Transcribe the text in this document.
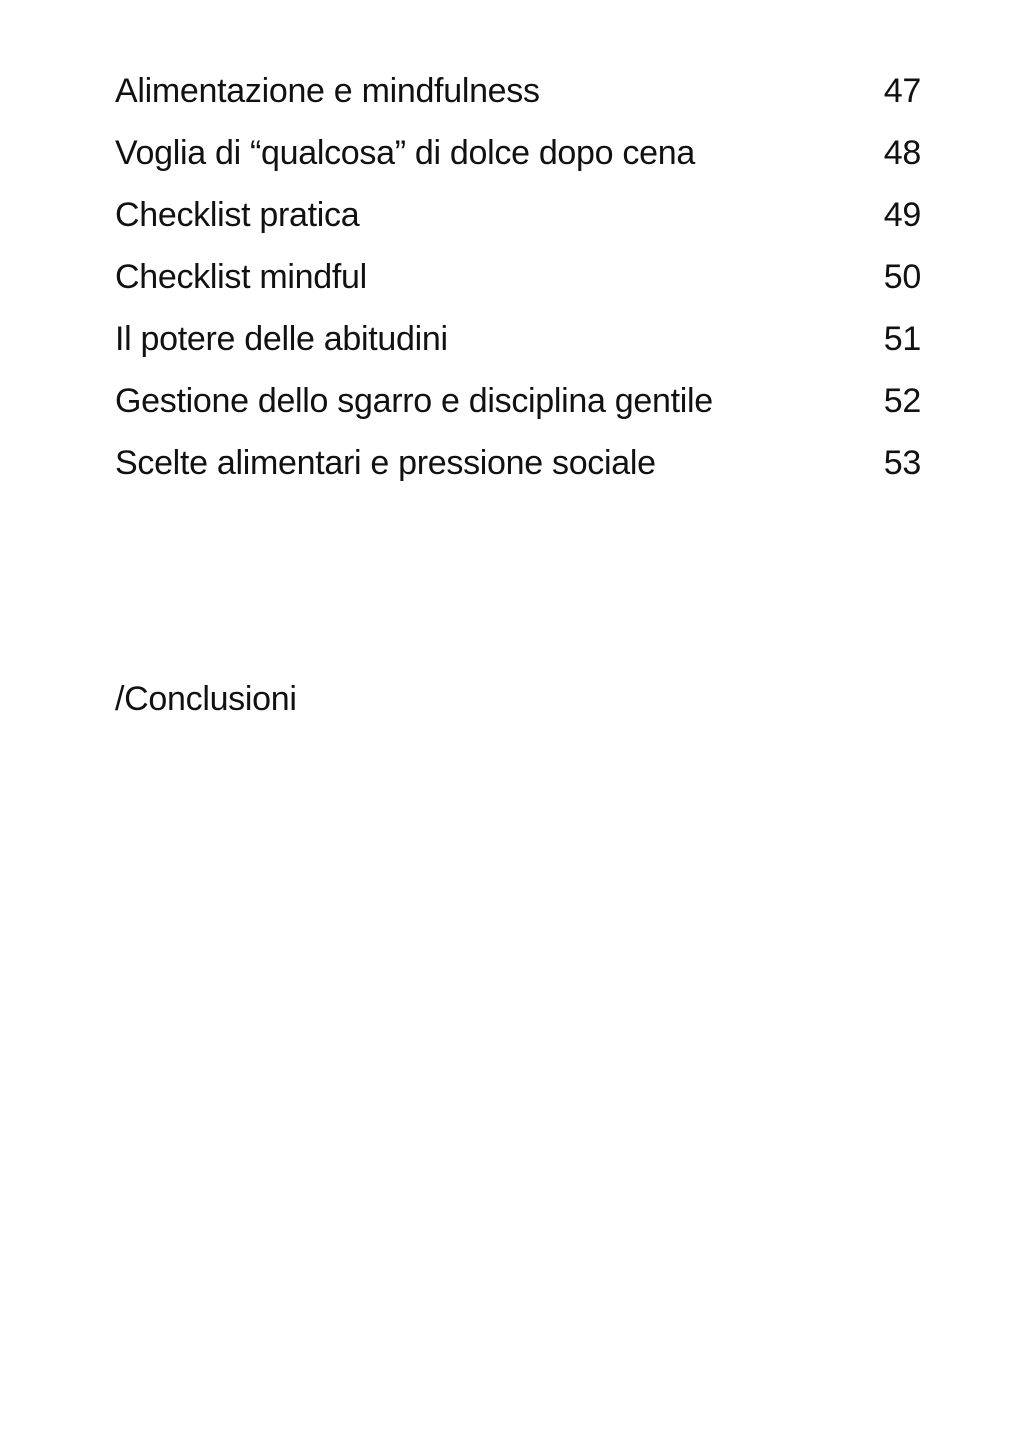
Alimentazione e mindfulness	47
Voglia di “qualcosa” di dolce dopo cena	48
Checklist pratica	49
Checklist mindful	50
Il potere delle abitudini	51
Gestione dello sgarro e disciplina gentile	52
Scelte alimentari e pressione sociale	53
/Conclusioni
